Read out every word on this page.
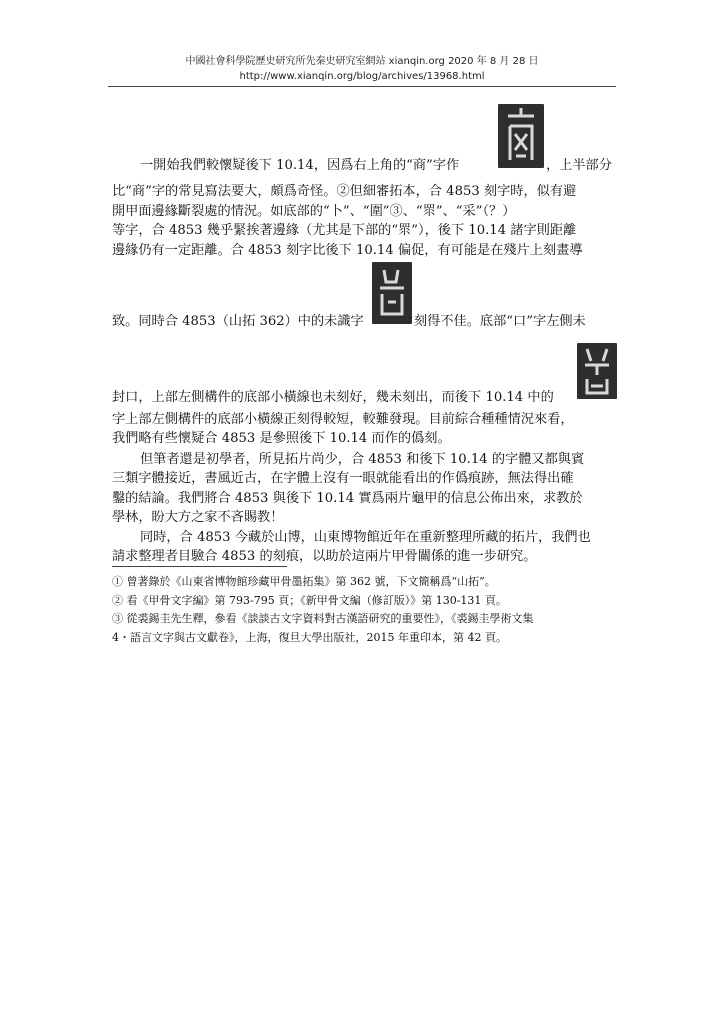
中國社會科學院歷史研究所先秦史研究室網站 xianqin.org 2020 年 8 月 28 日
http://www.xianqin.org/blog/archives/13968.html
一開始我們較懷疑後下 10.14，因爲右上角的“商”字作	，上半部分
比“商”字的常見寫法要大，頗爲奇怪。②但細審拓本，合 4853 刻字時，似有避
開甲面邊緣斷裂處的情況。如底部的“卜”、“圍”③、“眔”、“采”（？）
等字，合 4853 幾乎緊挨著邊緣（尤其是下部的“眔”），後下 10.14 諸字則距離
邊緣仍有一定距離。合 4853 刻字比後下 10.14 偏促，有可能是在殘片上刻畫導
致。同時合 4853（山拓 362）中的未識字	刻得不佳。底部“口”字左側未
封口，上部左側構件的底部小橫線也未刻好，幾未刻出，而後下 10.14 中的
字上部左側構件的底部小橫線正刻得較短，較難發現。目前綜合種種情況來看，
我們略有些懷疑合 4853 是參照後下 10.14 而作的僞刻。
但筆者還是初學者，所見拓片尚少，合 4853 和後下 10.14 的字體又都與賓
三類字體接近，書風近古，在字體上沒有一眼就能看出的作僞痕跡，無法得出確
鑿的結論。我們將合 4853 與後下 10.14 實爲兩片龜甲的信息公佈出來，求教於
學林，盼大方之家不吝賜教！
同時，合 4853 今藏於山博，山東博物館近年在重新整理所藏的拓片，我們也
請求整理者目驗合 4853 的刻痕，以助於這兩片甲骨關係的進一步研究。
① 曾著錄於《山東省博物館珍藏甲骨墨拓集》第 362 號，下文簡稱爲“山拓”。
② 看《甲骨文字編》第 793-795 頁；《新甲骨文編（修訂版）》第 130-131 頁。
③ 從裘錫圭先生釋，參看《談談古文字資料對古漢語研究的重要性》，《裘錫圭學術文集
4・語言文字與古文獻卷》，上海，復旦大學出版社，2015 年重印本，第 42 頁。
